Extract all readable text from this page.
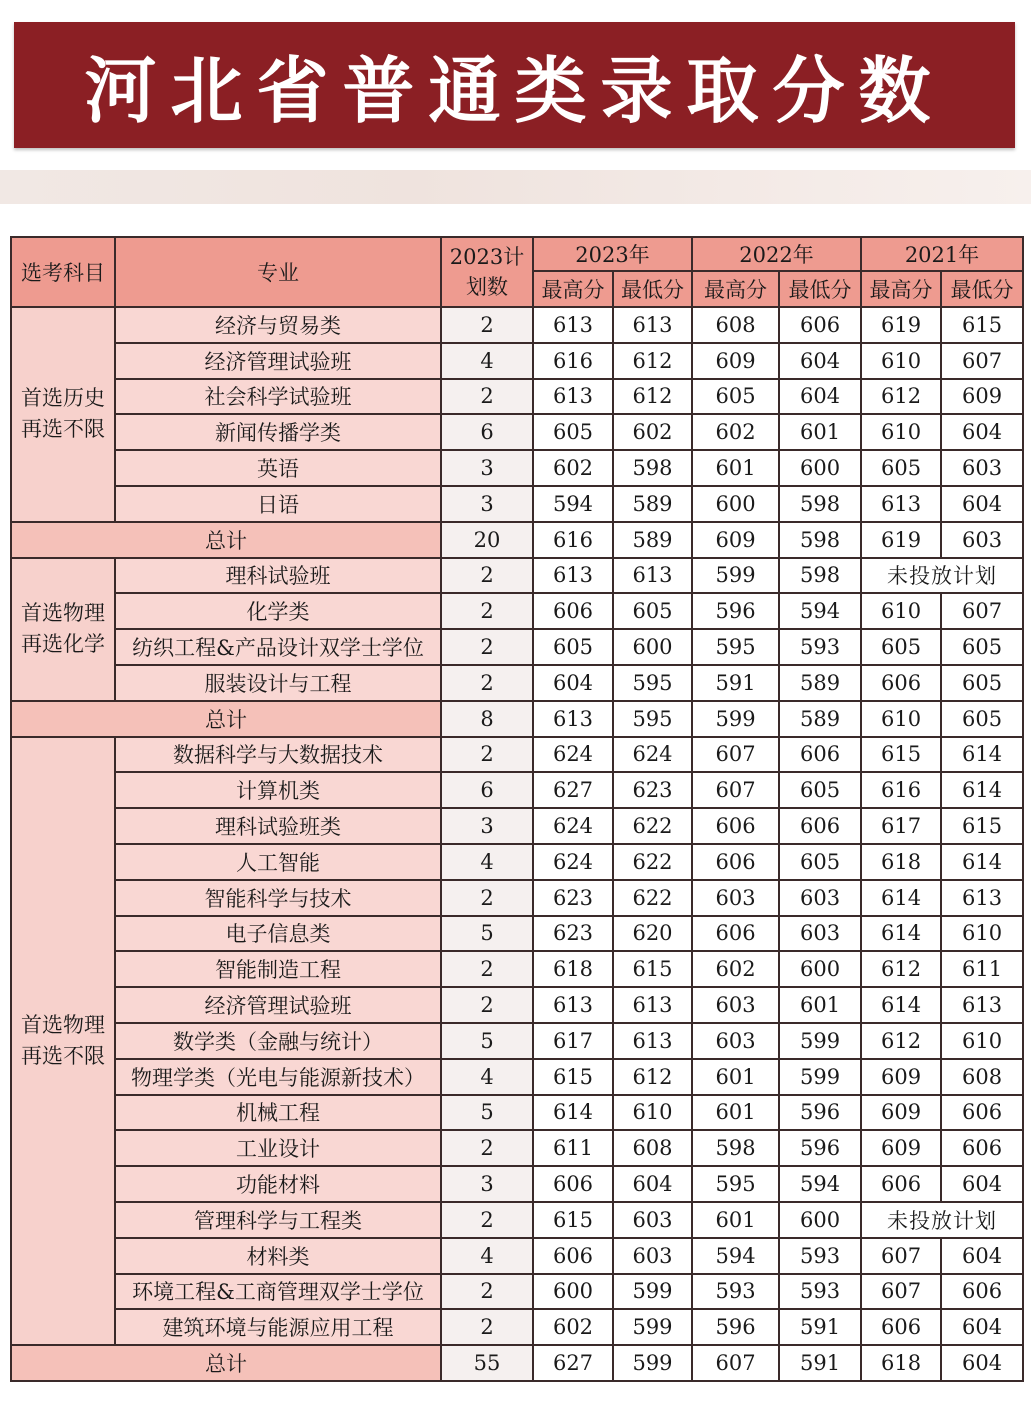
河北省普通类录取分数
选考科目	专业	2023计划数	2023年		2022年		2021年	
			最高分	最低分	最高分	最低分	最高分	最低分
首选历史再选不限	经济与贸易类	2	613	613	608	606	619	615
	经济管理试验班	4	616	612	609	604	610	607
	社会科学试验班	2	613	612	605	604	612	609
	新闻传播学类	6	605	602	602	601	610	604
	英语	3	602	598	601	600	605	603
	日语	3	594	589	600	598	613	604
总计		20	616	589	609	598	619	603
首选物理再选化学	理科试验班	2	613	613	599	598	未投放计划	
	化学类	2	606	605	596	594	610	607
	纺织工程&产品设计双学士学位	2	605	600	595	593	605	605
	服装设计与工程	2	604	595	591	589	606	605
总计		8	613	595	599	589	610	605
首选物理再选不限	数据科学与大数据技术	2	624	624	607	606	615	614
	计算机类	6	627	623	607	605	616	614
	理科试验班类	3	624	622	606	606	617	615
	人工智能	4	624	622	606	605	618	614
	智能科学与技术	2	623	622	603	603	614	613
	电子信息类	5	623	620	606	603	614	610
	智能制造工程	2	618	615	602	600	612	611
	经济管理试验班	2	613	613	603	601	614	613
	数学类（金融与统计）	5	617	613	603	599	612	610
	物理学类（光电与能源新技术）	4	615	612	601	599	609	608
	机械工程	5	614	610	601	596	609	606
	工业设计	2	611	608	598	596	609	606
	功能材料	3	606	604	595	594	606	604
	管理科学与工程类	2	615	603	601	600	未投放计划	
	材料类	4	606	603	594	593	607	604
	环境工程&工商管理双学士学位	2	600	599	593	593	607	606
	建筑环境与能源应用工程	2	602	599	596	591	606	604
总计		55	627	599	607	591	618	604
